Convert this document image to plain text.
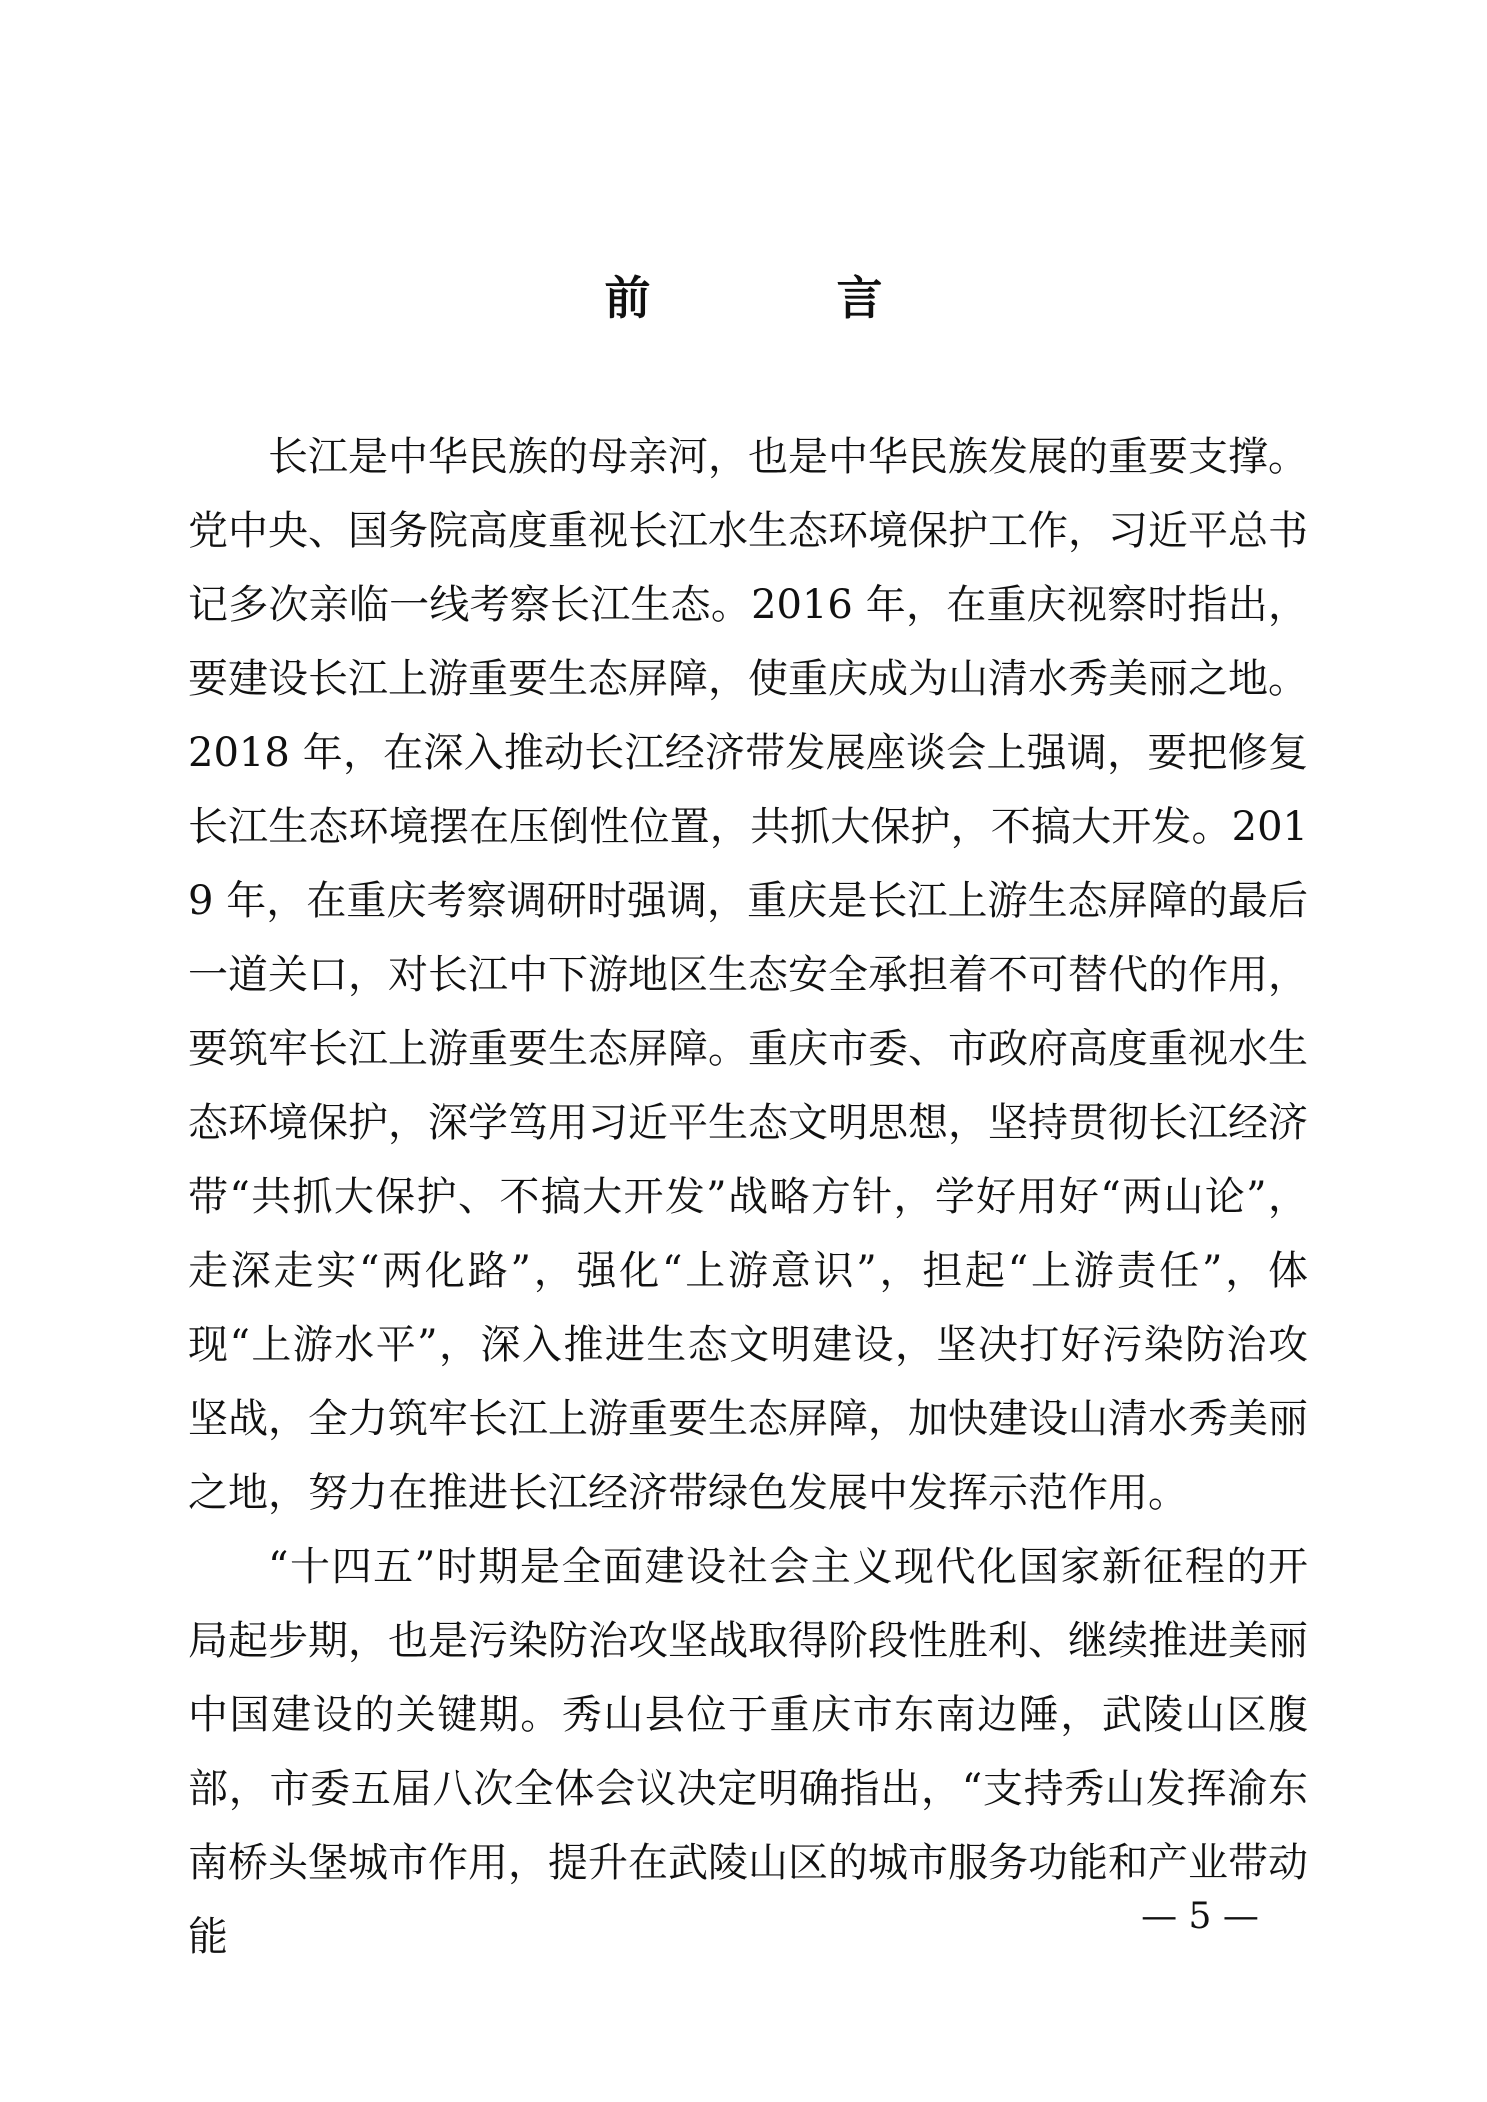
前　言

长江是中华民族的母亲河，也是中华民族发展的重要支撑。党中央、国务院高度重视长江水生态环境保护工作，习近平总书记多次亲临一线考察长江生态。2016 年，在重庆视察时指出，要建设长江上游重要生态屏障，使重庆成为山清水秀美丽之地。2018 年，在深入推动长江经济带发展座谈会上强调，要把修复长江生态环境摆在压倒性位置，共抓大保护，不搞大开发。2019 年，在重庆考察调研时强调，重庆是长江上游生态屏障的最后一道关口，对长江中下游地区生态安全承担着不可替代的作用，要筑牢长江上游重要生态屏障。重庆市委、市政府高度重视水生态环境保护，深学笃用习近平生态文明思想，坚持贯彻长江经济带“共抓大保护、不搞大开发”战略方针，学好用好“两山论”，走深走实“两化路”，强化“上游意识”，担起“上游责任”，体现“上游水平”，深入推进生态文明建设，坚决打好污染防治攻坚战，全力筑牢长江上游重要生态屏障，加快建设山清水秀美丽之地，努力在推进长江经济带绿色发展中发挥示范作用。

“十四五”时期是全面建设社会主义现代化国家新征程的开局起步期，也是污染防治攻坚战取得阶段性胜利、继续推进美丽中国建设的关键期。秀山县位于重庆市东南边陲，武陵山区腹部，市委五届八次全体会议决定明确指出，“支持秀山发挥渝东南桥头堡城市作用，提升在武陵山区的城市服务功能和产业带动能	— 5 —
